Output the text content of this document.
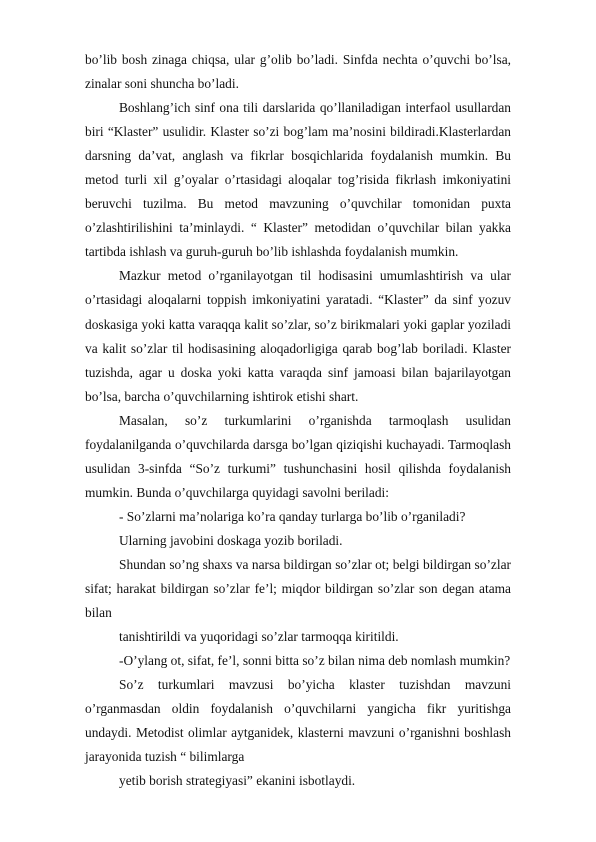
bo’lib bosh zinaga chiqsa, ular g’olib bo’ladi. Sinfda nechta o’quvchi bo’lsa, zinalar soni shuncha bo’ladi.

Boshlang’ich sinf ona tili darslarida qo’llaniladigan interfaol usullardan biri “Klaster” usulidir. Klaster so’zi bog’lam ma’nosini bildiradi.Klasterlardan darsning da’vat, anglash va fikrlar bosqichlarida foydalanish mumkin. Bu metod turli xil g’oyalar o’rtasidagi aloqalar tog’risida fikrlash imkoniyatini beruvchi tuzilma. Bu metod mavzuning o’quvchilar tomonidan puxta o’zlashtirilishini ta’minlaydi. “ Klaster” metodidan o’quvchilar bilan yakka tartibda ishlash va guruh-guruh bo’lib ishlashda foydalanish mumkin.

Mazkur metod o’rganilayotgan til hodisasini umumlashtirish va ular o’rtasidagi aloqalarni toppish imkoniyatini yaratadi. “Klaster” da sinf yozuv doskasiga yoki katta varaqqa kalit so’zlar, so’z birikmalari yoki gaplar yoziladi va kalit so’zlar til hodisasining aloqadorligiga qarab bog’lab boriladi. Klaster tuzishda, agar u doska yoki katta varaqda sinf jamoasi bilan bajarilayotgan bo’lsa, barcha o’quvchilarning ishtirok etishi shart.

Masalan, so’z turkumlarini o’rganishda tarmoqlash usulidan foydalanilganda o’quvchilarda darsga bo’lgan qiziqishi kuchayadi. Tarmoqlash usulidan 3-sinfda “So’z turkumi” tushunchasini hosil qilishda foydalanish mumkin. Bunda o’quvchilarga quyidagi savolni beriladi:

- So’zlarni ma’nolariga ko’ra qanday turlarga bo’lib o’rganiladi?

Ularning javobini doskaga yozib boriladi.

Shundan so’ng shaxs va narsa bildirgan so’zlar ot; belgi bildirgan so’zlar sifat; harakat bildirgan so’zlar fe’l; miqdor bildirgan so’zlar son degan atama bilan

tanishtirildi va yuqoridagi so’zlar tarmoqqa kiritildi.

-O’ylang ot, sifat, fe’l, sonni bitta so’z bilan nima deb nomlash mumkin?

So’z turkumlari mavzusi bo’yicha klaster tuzishdan mavzuni o’rganmasdan oldin foydalanish o’quvchilarni yangicha fikr yuritishga undaydi. Metodist olimlar aytganidek, klasterni mavzuni o’rganishni boshlash jarayonida tuzish “ bilimlarga

yetib borish strategiyasi” ekanini isbotlaydi.
